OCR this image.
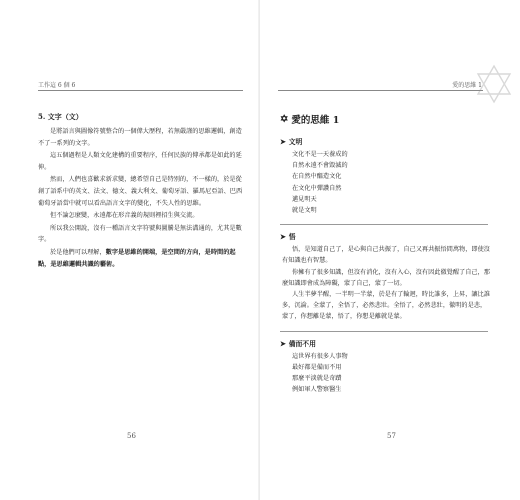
工作這 6 個 6
5. 文字（文）

是將語言與圖像符號整合的一個偉大歷程，若無嚴謹的思維邏輯，創造不了一系列的文字。

這五個過程是人類文化建構的重要程序，任何民族的傳承都是如此的延伸。

然而，人們也喜歡求新求變，總希望自己是特別的，不一樣的，於是從創了語系中的英文、法文、德文、義大利文、葡萄牙語、羅馬尼亞語、巴西葡萄牙語當中就可以看出語言文字的變化，不失人性的思維。

但不論怎麼變，永遠都在形音義的規則裡招生與交流。

所以我公開說，沒有一種語言文字符號與圖騰是無法溝通的，尤其是數字。

於是他們可以理解，數字是思維的開端，是空間的方向，是時間的起點，是思維邏輯共識的藝術。

56
愛的思維 1
✡ 愛的思維 1
➤ 文明
文化不是一天養成的
自然永遠不會毀滅的
在自然中醞造文化
在文化中彈讚自然
邁見明天
就是文明
➤ 悟

悟，是知道自己了，是心與自己共振了，自己又再共振悟間萬物，即使沒有知識也有智慧。

你擁有了很多知識，但沒有消化，沒有入心，沒有因此徹覺醒了自己，那麼知識即會成為障礙，蒙了自己，蒙了一切。

人生半夢半醒，一半明一半蒙，於是有了輪迴，時比誰多，上昇，讓比誰多，沉淪。全蒙了，全悟了，必然悲壯。全悟了，必然悲壯，徹明的是悲，蒙了，你想離是蒙，悟了，你想是離就是蒙。

➤ 備而不用
這世界有很多人事物
最好都是備而不用
那麼平淡就是奇蹟
例如軍人警察醫生
57
